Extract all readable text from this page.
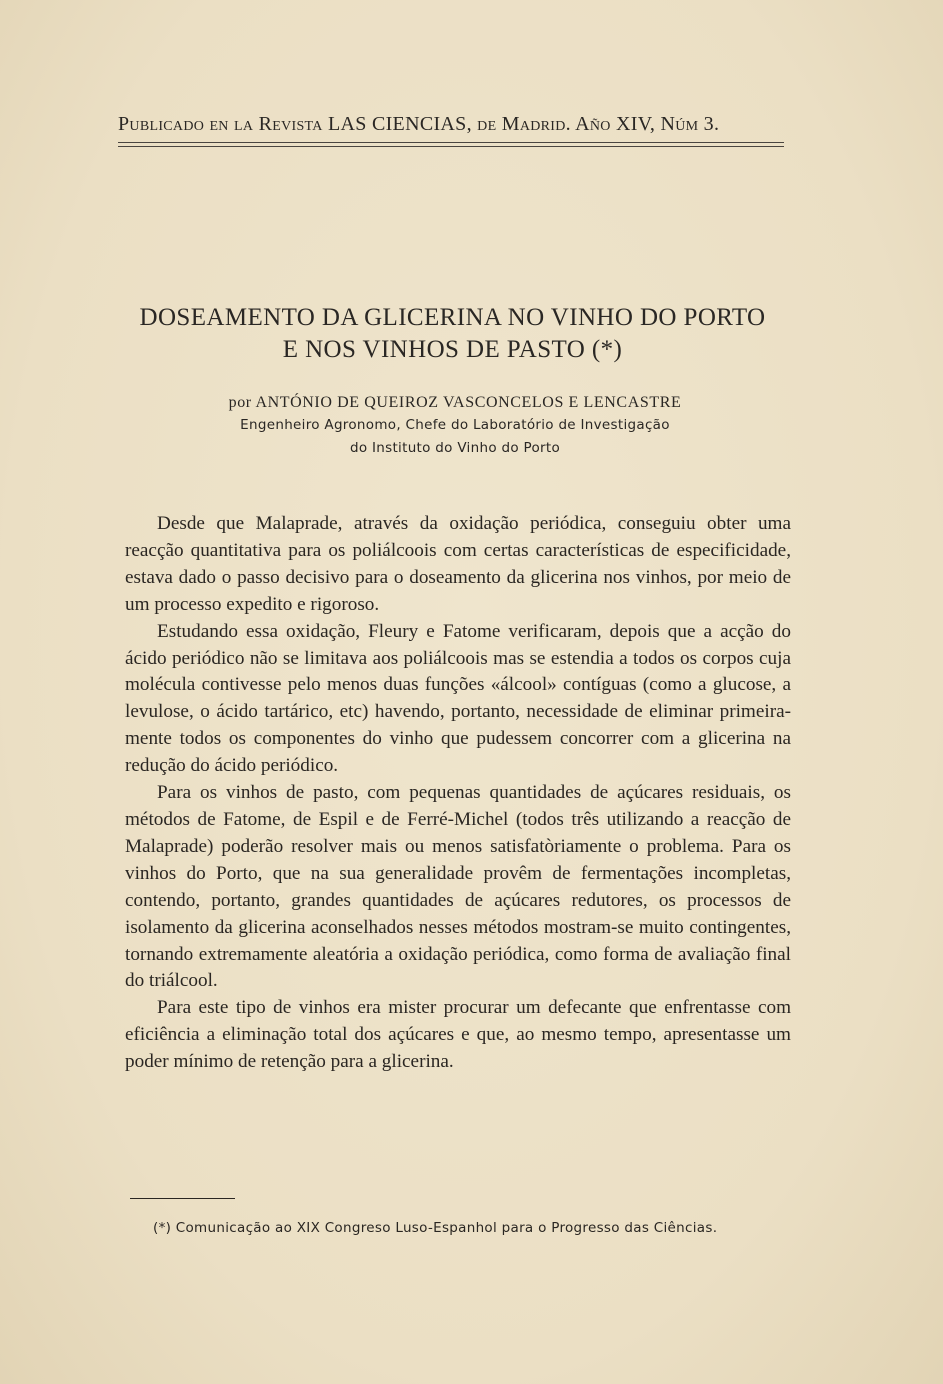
Publicado en la Revista LAS CIENCIAS, de Madrid. Año XIV, Núm 3.
DOSEAMENTO DA GLICERINA NO VINHO DO PORTO
E NOS VINHOS DE PASTO (*)
por ANTÓNIO DE QUEIROZ VASCONCELOS E LENCASTRE
Engenheiro Agronomo, Chefe do Laboratório de Investigação
do Instituto do Vinho do Porto

Desde que Malaprade, através da oxidação periódica, conseguiu obter uma reacção quantitativa para os poliálcoois com certas características de especificidade, estava dado o passo decisivo para o doseamento da glicerina nos vinhos, por meio de um processo expedito e rigoroso.

Estudando essa oxidação, Fleury e Fatome verificaram, depois que a acção do ácido periódico não se limitava aos poliálcoois mas se estendia a todos os corpos cuja molécula contivesse pelo menos duas funções «álcool» contíguas (como a glucose, a levulose, o ácido tartárico, etc) havendo, portanto, necessidade de eliminar primeiramente todos os componentes do vinho que pudessem concorrer com a glicerina na redução do ácido periódico.

Para os vinhos de pasto, com pequenas quantidades de açúcares residuais, os métodos de Fatome, de Espil e de Ferré-Michel (todos três utilizando a reacção de Malaprade) poderão resolver mais ou menos satisfatòriamente o problema. Para os vinhos do Porto, que na sua generalidade provêm de fermentações incompletas, contendo, portanto, grandes quantidades de açúcares redutores, os processos de isolamento da glicerina aconselhados nesses métodos mostram-se muito contingentes, tornando extremamente aleatória a oxidação periódica, como forma de avaliação final do triálcool.

Para este tipo de vinhos era mister procurar um defecante que enfrentasse com eficiência a eliminação total dos açúcares e que, ao mesmo tempo, apresentasse um poder mínimo de retenção para a glicerina.

(*) Comunicação ao XIX Congreso Luso-Espanhol para o Progresso das Ciências.
